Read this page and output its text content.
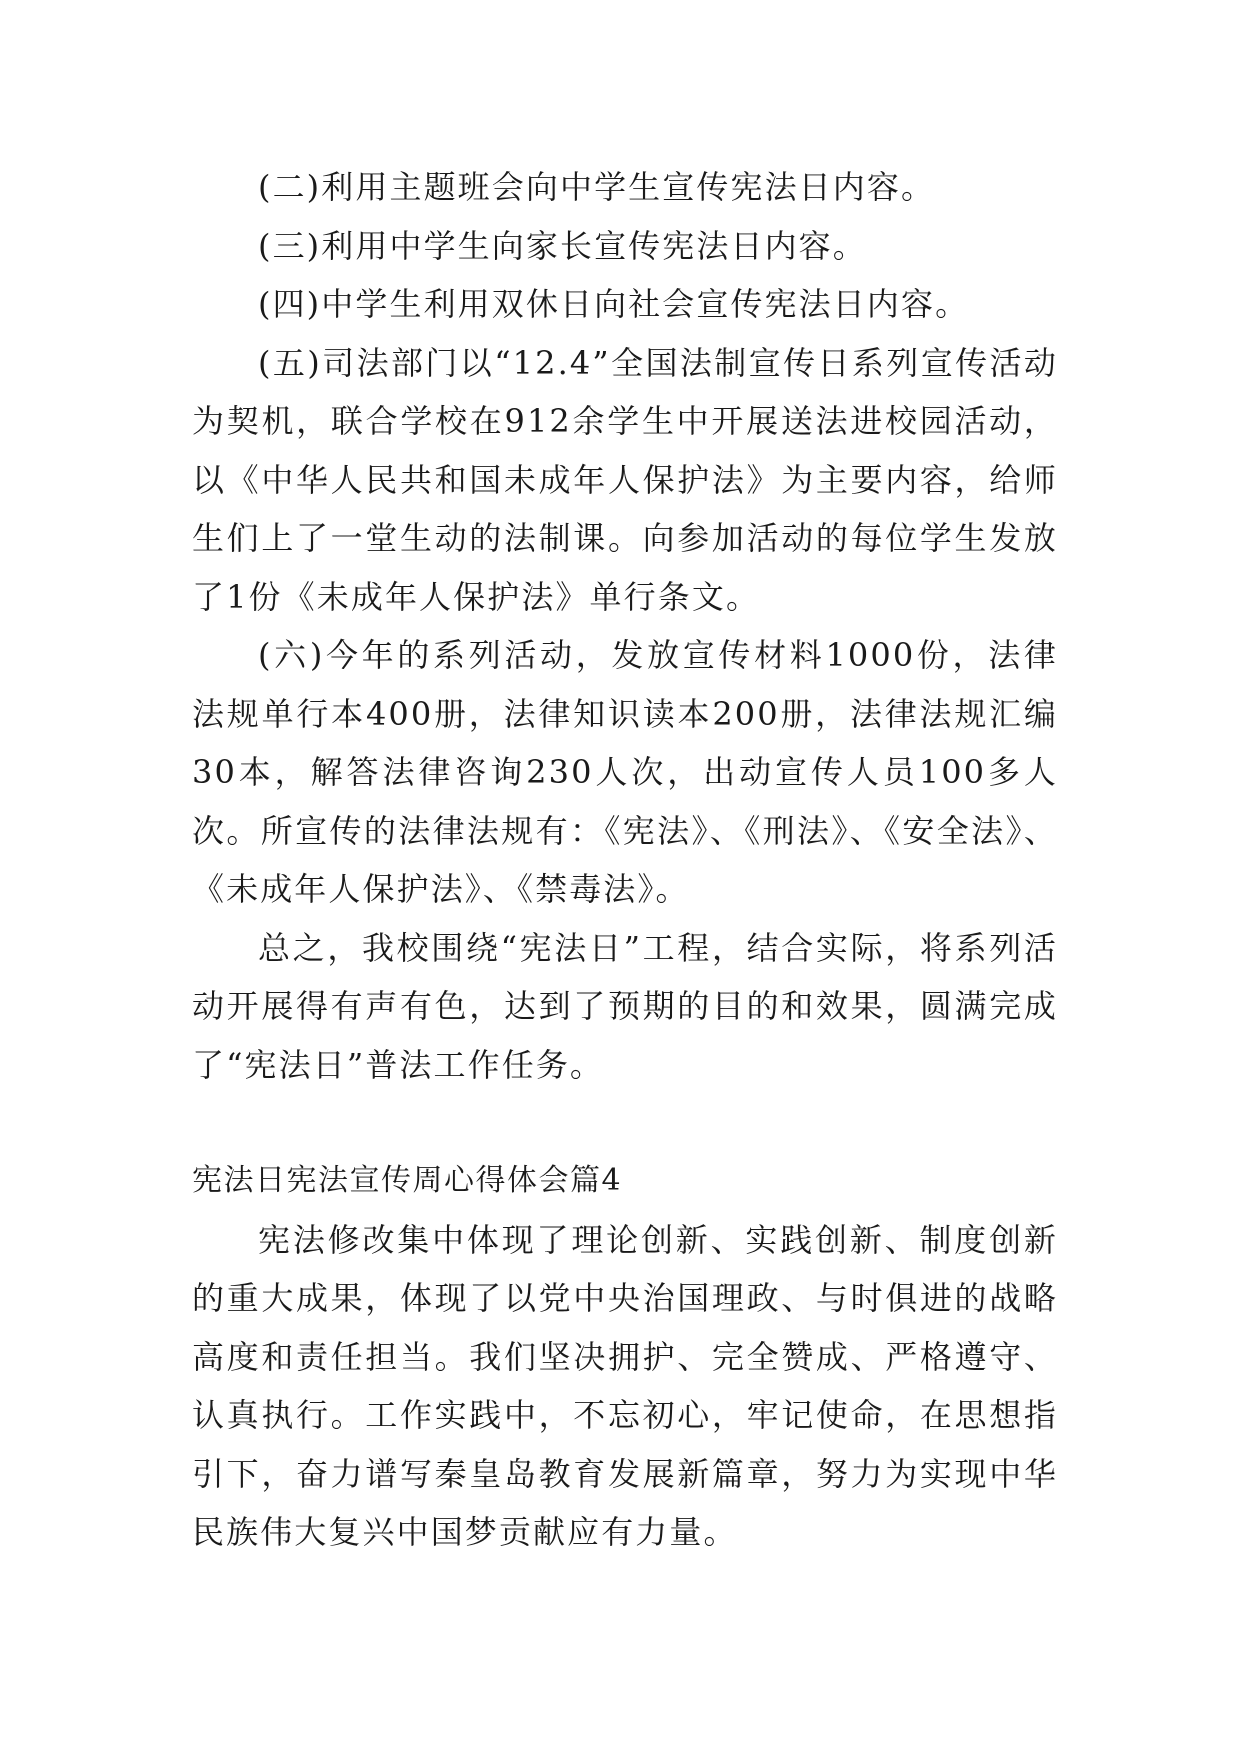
(二)利用主题班会向中学生宣传宪法日内容。

(三)利用中学生向家长宣传宪法日内容。

(四)中学生利用双休日向社会宣传宪法日内容。

(五)司法部门以“12.4”全国法制宣传日系列宣传活动为契机，联合学校在912余学生中开展送法进校园活动，以《中华人民共和国未成年人保护法》为主要内容，给师生们上了一堂生动的法制课。向参加活动的每位学生发放了1份《未成年人保护法》单行条文。

(六)今年的系列活动，发放宣传材料1000份，法律法规单行本400册，法律知识读本200册，法律法规汇编30本，解答法律咨询230人次，出动宣传人员100多人次。所宣传的法律法规有：《宪法》、《刑法》、《安全法》、《未成年人保护法》、《禁毒法》。

总之，我校围绕“宪法日”工程，结合实际，将系列活动开展得有声有色，达到了预期的目的和效果，圆满完成了“宪法日”普法工作任务。

宪法日宪法宣传周心得体会篇4

宪法修改集中体现了理论创新、实践创新、制度创新的重大成果，体现了以党中央治国理政、与时俱进的战略高度和责任担当。我们坚决拥护、完全赞成、严格遵守、认真执行。工作实践中，不忘初心，牢记使命，在思想指引下，奋力谱写秦皇岛教育发展新篇章，努力为实现中华民族伟大复兴中国梦贡献应有力量。
